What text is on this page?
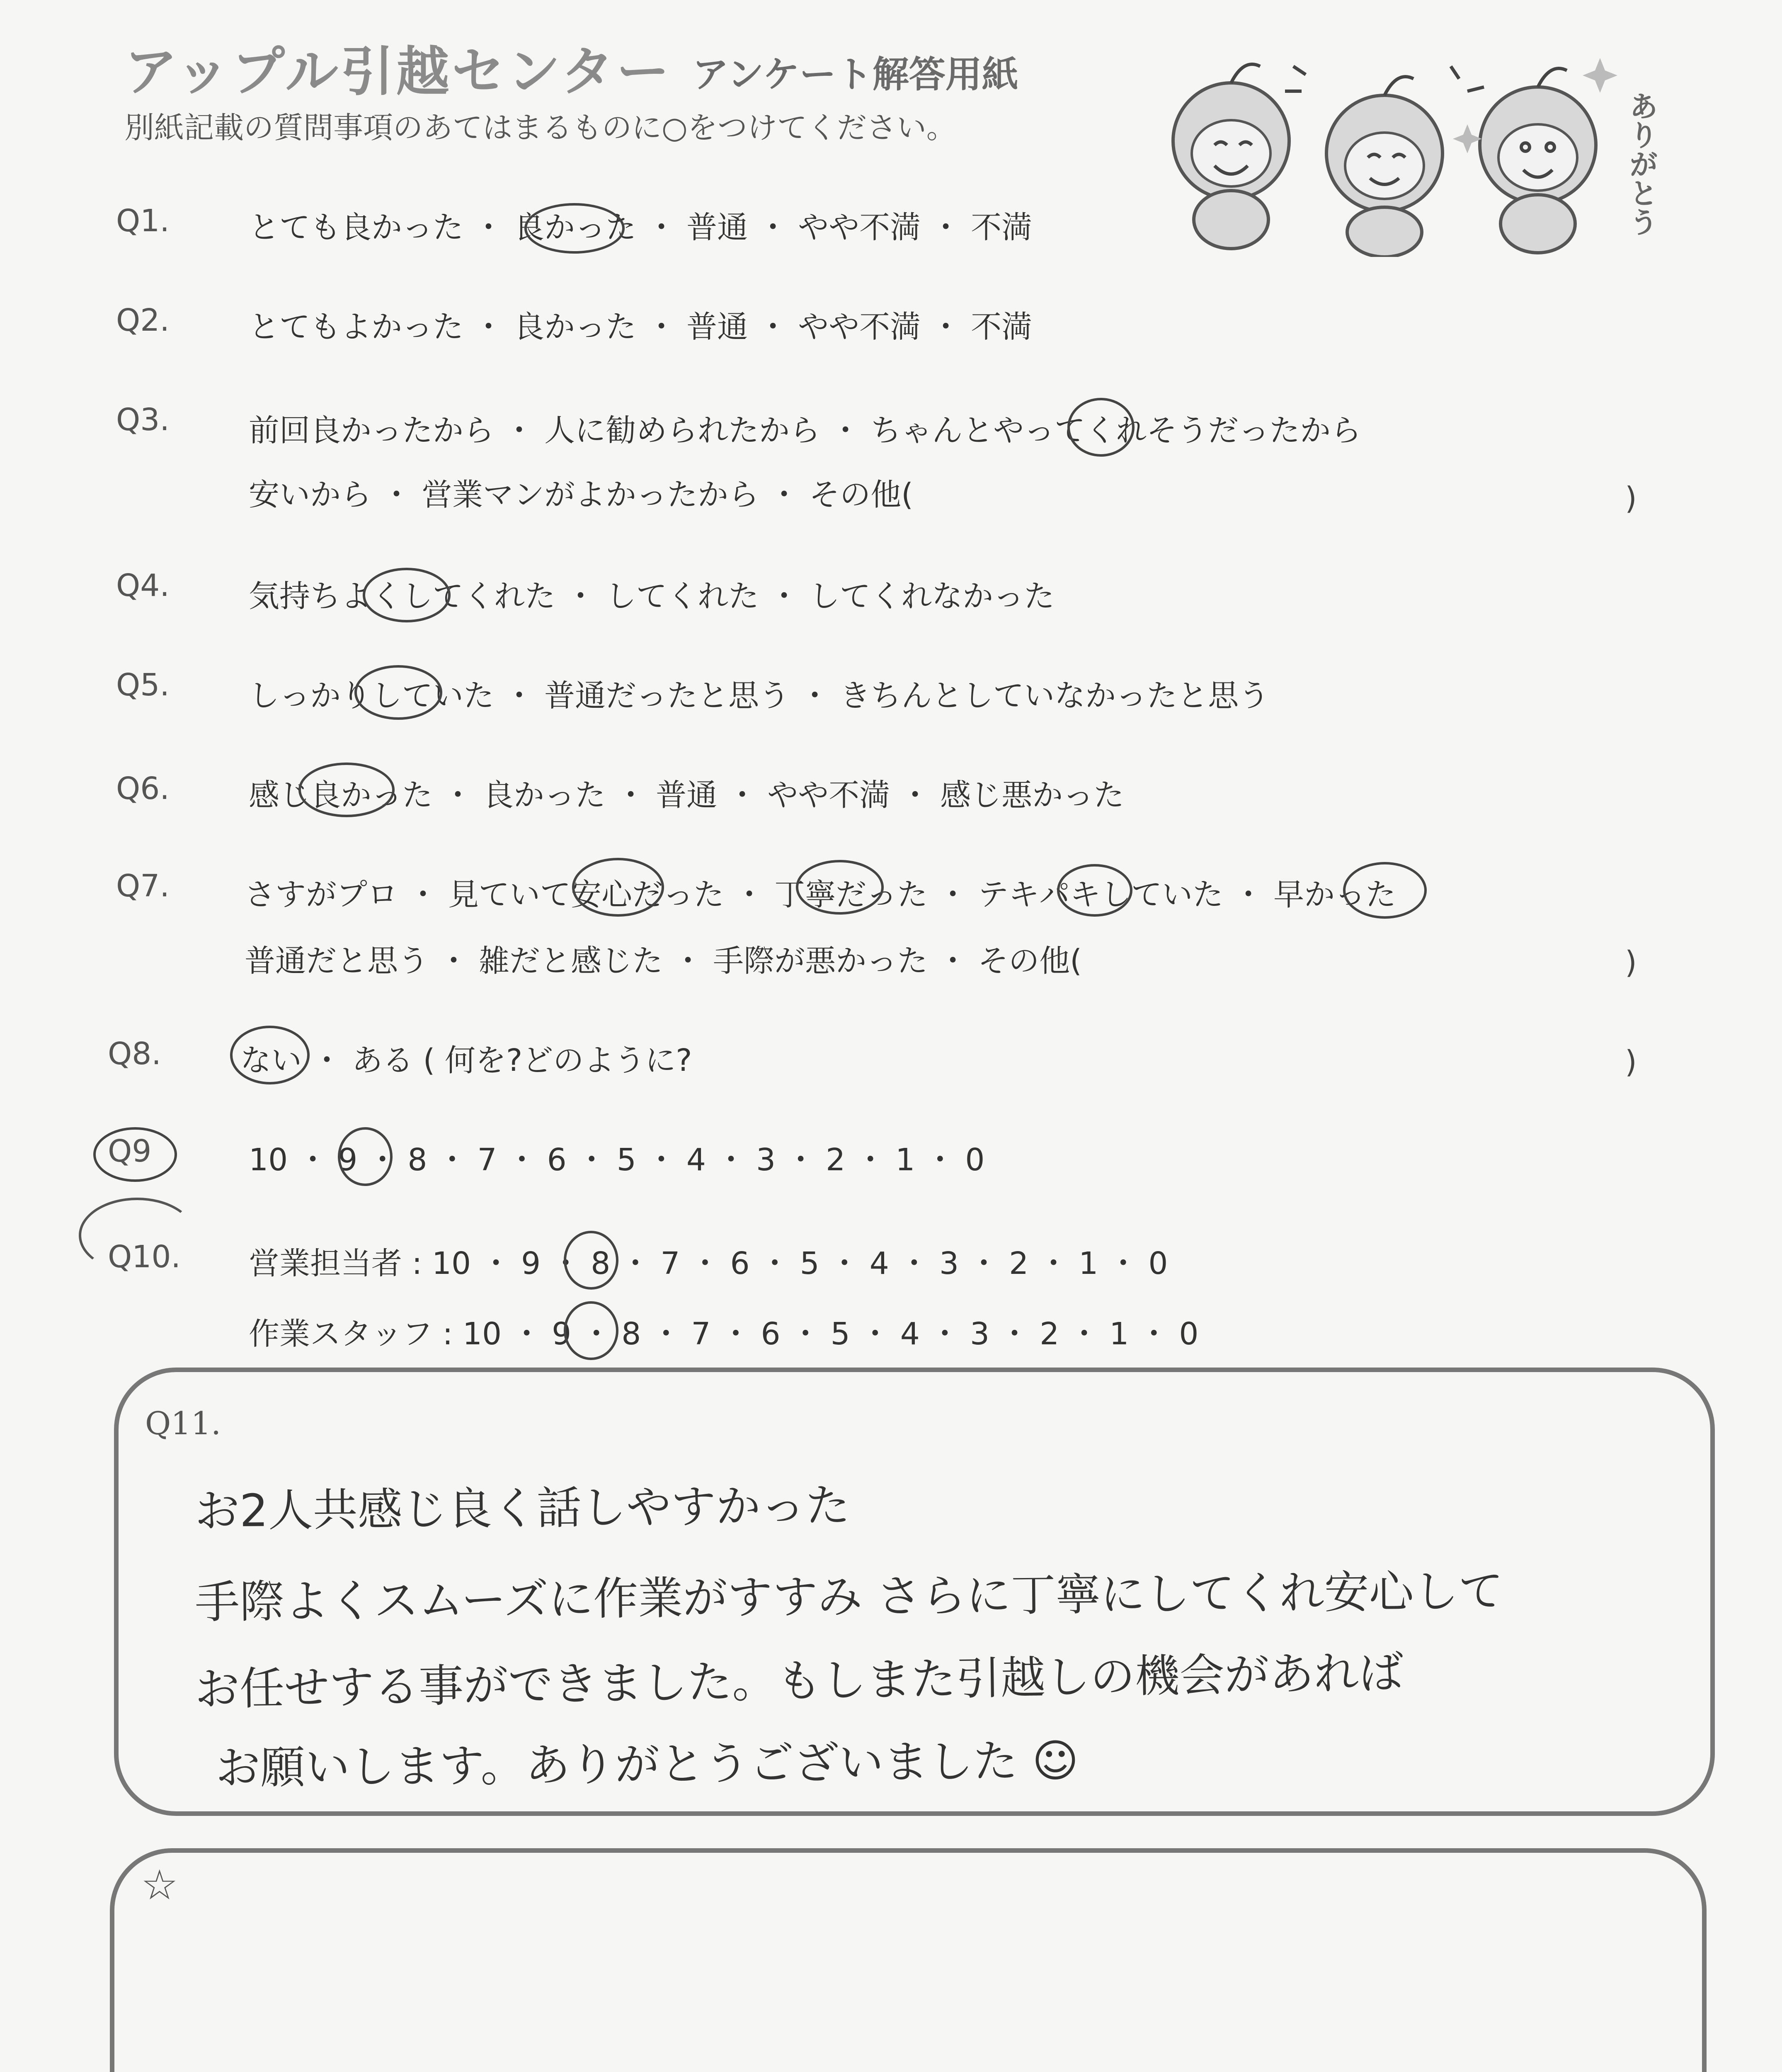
アップル引越センター アンケート解答用紙
別紙記載の質問事項のあてはまるものに○をつけてください。	ありがとう
Q1.	とても良かった ・ 良かった ・ 普通 ・ やや不満 ・ 不満
Q2.	とてもよかった ・ 良かった ・ 普通 ・ やや不満 ・ 不満
Q3.	前回良かったから ・ 人に勧められたから ・ ちゃんとやってくれそうだったから
安いから ・ 営業マンがよかったから ・ その他(	)
Q4.	気持ちよくしてくれた ・ してくれた ・ してくれなかった
Q5.	しっかりしていた ・ 普通だったと思う ・ きちんとしていなかったと思う
Q6.	感じ良かった ・ 良かった ・ 普通 ・ やや不満 ・ 感じ悪かった
Q7. さすがプロ ・ 見ていて安心だった ・ 丁寧だった ・ テキパキしていた ・ 早かった
普通だと思う ・ 雑だと感じた ・ 手際が悪かった ・ その他(	)
Q8.	ない ・ ある ( 何を?どのように?	)
Q9	10 ・ 9 ・ 8 ・ 7 ・ 6 ・ 5 ・ 4 ・ 3 ・ 2 ・ 1 ・ 0
Q10. 営業担当者 : 10 ・ 9 ・ 8 ・ 7 ・ 6 ・ 5 ・ 4 ・ 3 ・ 2 ・ 1 ・ 0
作業スタッフ : 10 ・ 9 ・ 8 ・ 7 ・ 6 ・ 5 ・ 4 ・ 3 ・ 2 ・ 1 ・ 0
Q11.
お2人共感じ良く話しやすかった
手際よくスムーズに作業がすすみ さらに丁寧にしてくれ安心して
お任せする事ができました。もしまた引越しの機会があれば
お願いします。ありがとうございました ☺
☆
